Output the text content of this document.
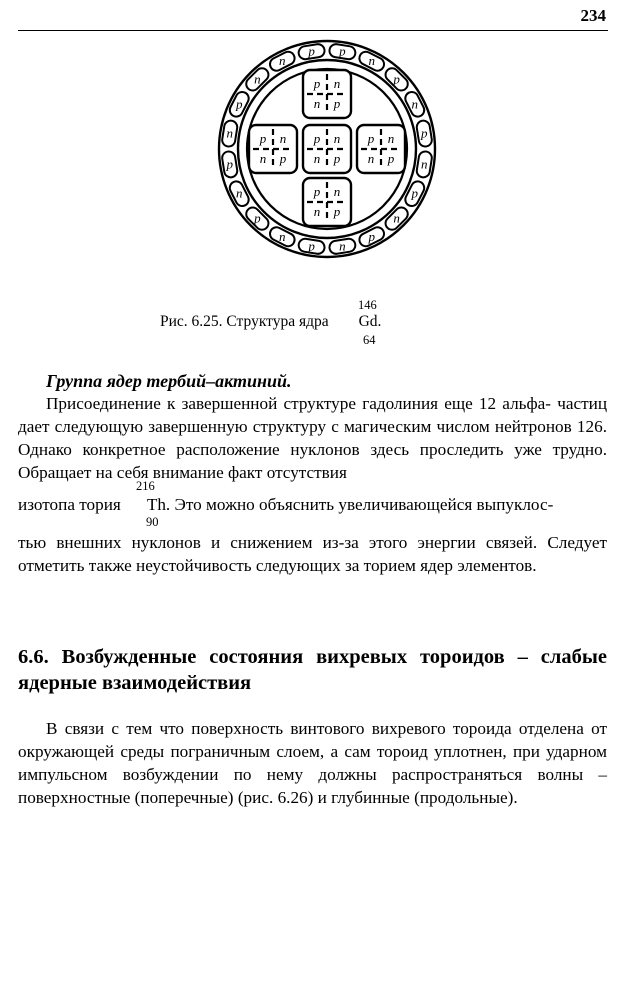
234
p
n
p
n
p
n
p
n
p
n
p
n
p
n
p
n
p
n
n
p
p n
n p
p n
n p
p n
n p
p n
n p
p n
n p
Рис. 6.25. Структура ядра Gd.
146
64
Группа ядер тербий–актиний.
Присоединение к завершенной структуре гадолиния еще 12 альфа- частиц дает следующую завершенную структуру с магическим числом нейтронов 126. Однако конкретное расположение нуклонов здесь проследить уже трудно. Обращает на себя внимание факт отсутствия
изотопа тория Th. Это можно объяснить увеличивающейся выпуклос-
216
90
тью внешних нуклонов и снижением из-за этого энергии связей. Следует отметить также неустойчивость следующих за торием ядер элементов.
6.6. Возбужденные состояния вихревых тороидов – слабые ядерные взаимодействия
В связи с тем что поверхность винтового вихревого тороида отделена от окружающей среды пограничным слоем, а сам тороид уплотнен, при ударном импульсном возбуждении по нему должны распространяться волны – поверхностные (поперечные) (рис. 6.26) и глубинные (продольные).
